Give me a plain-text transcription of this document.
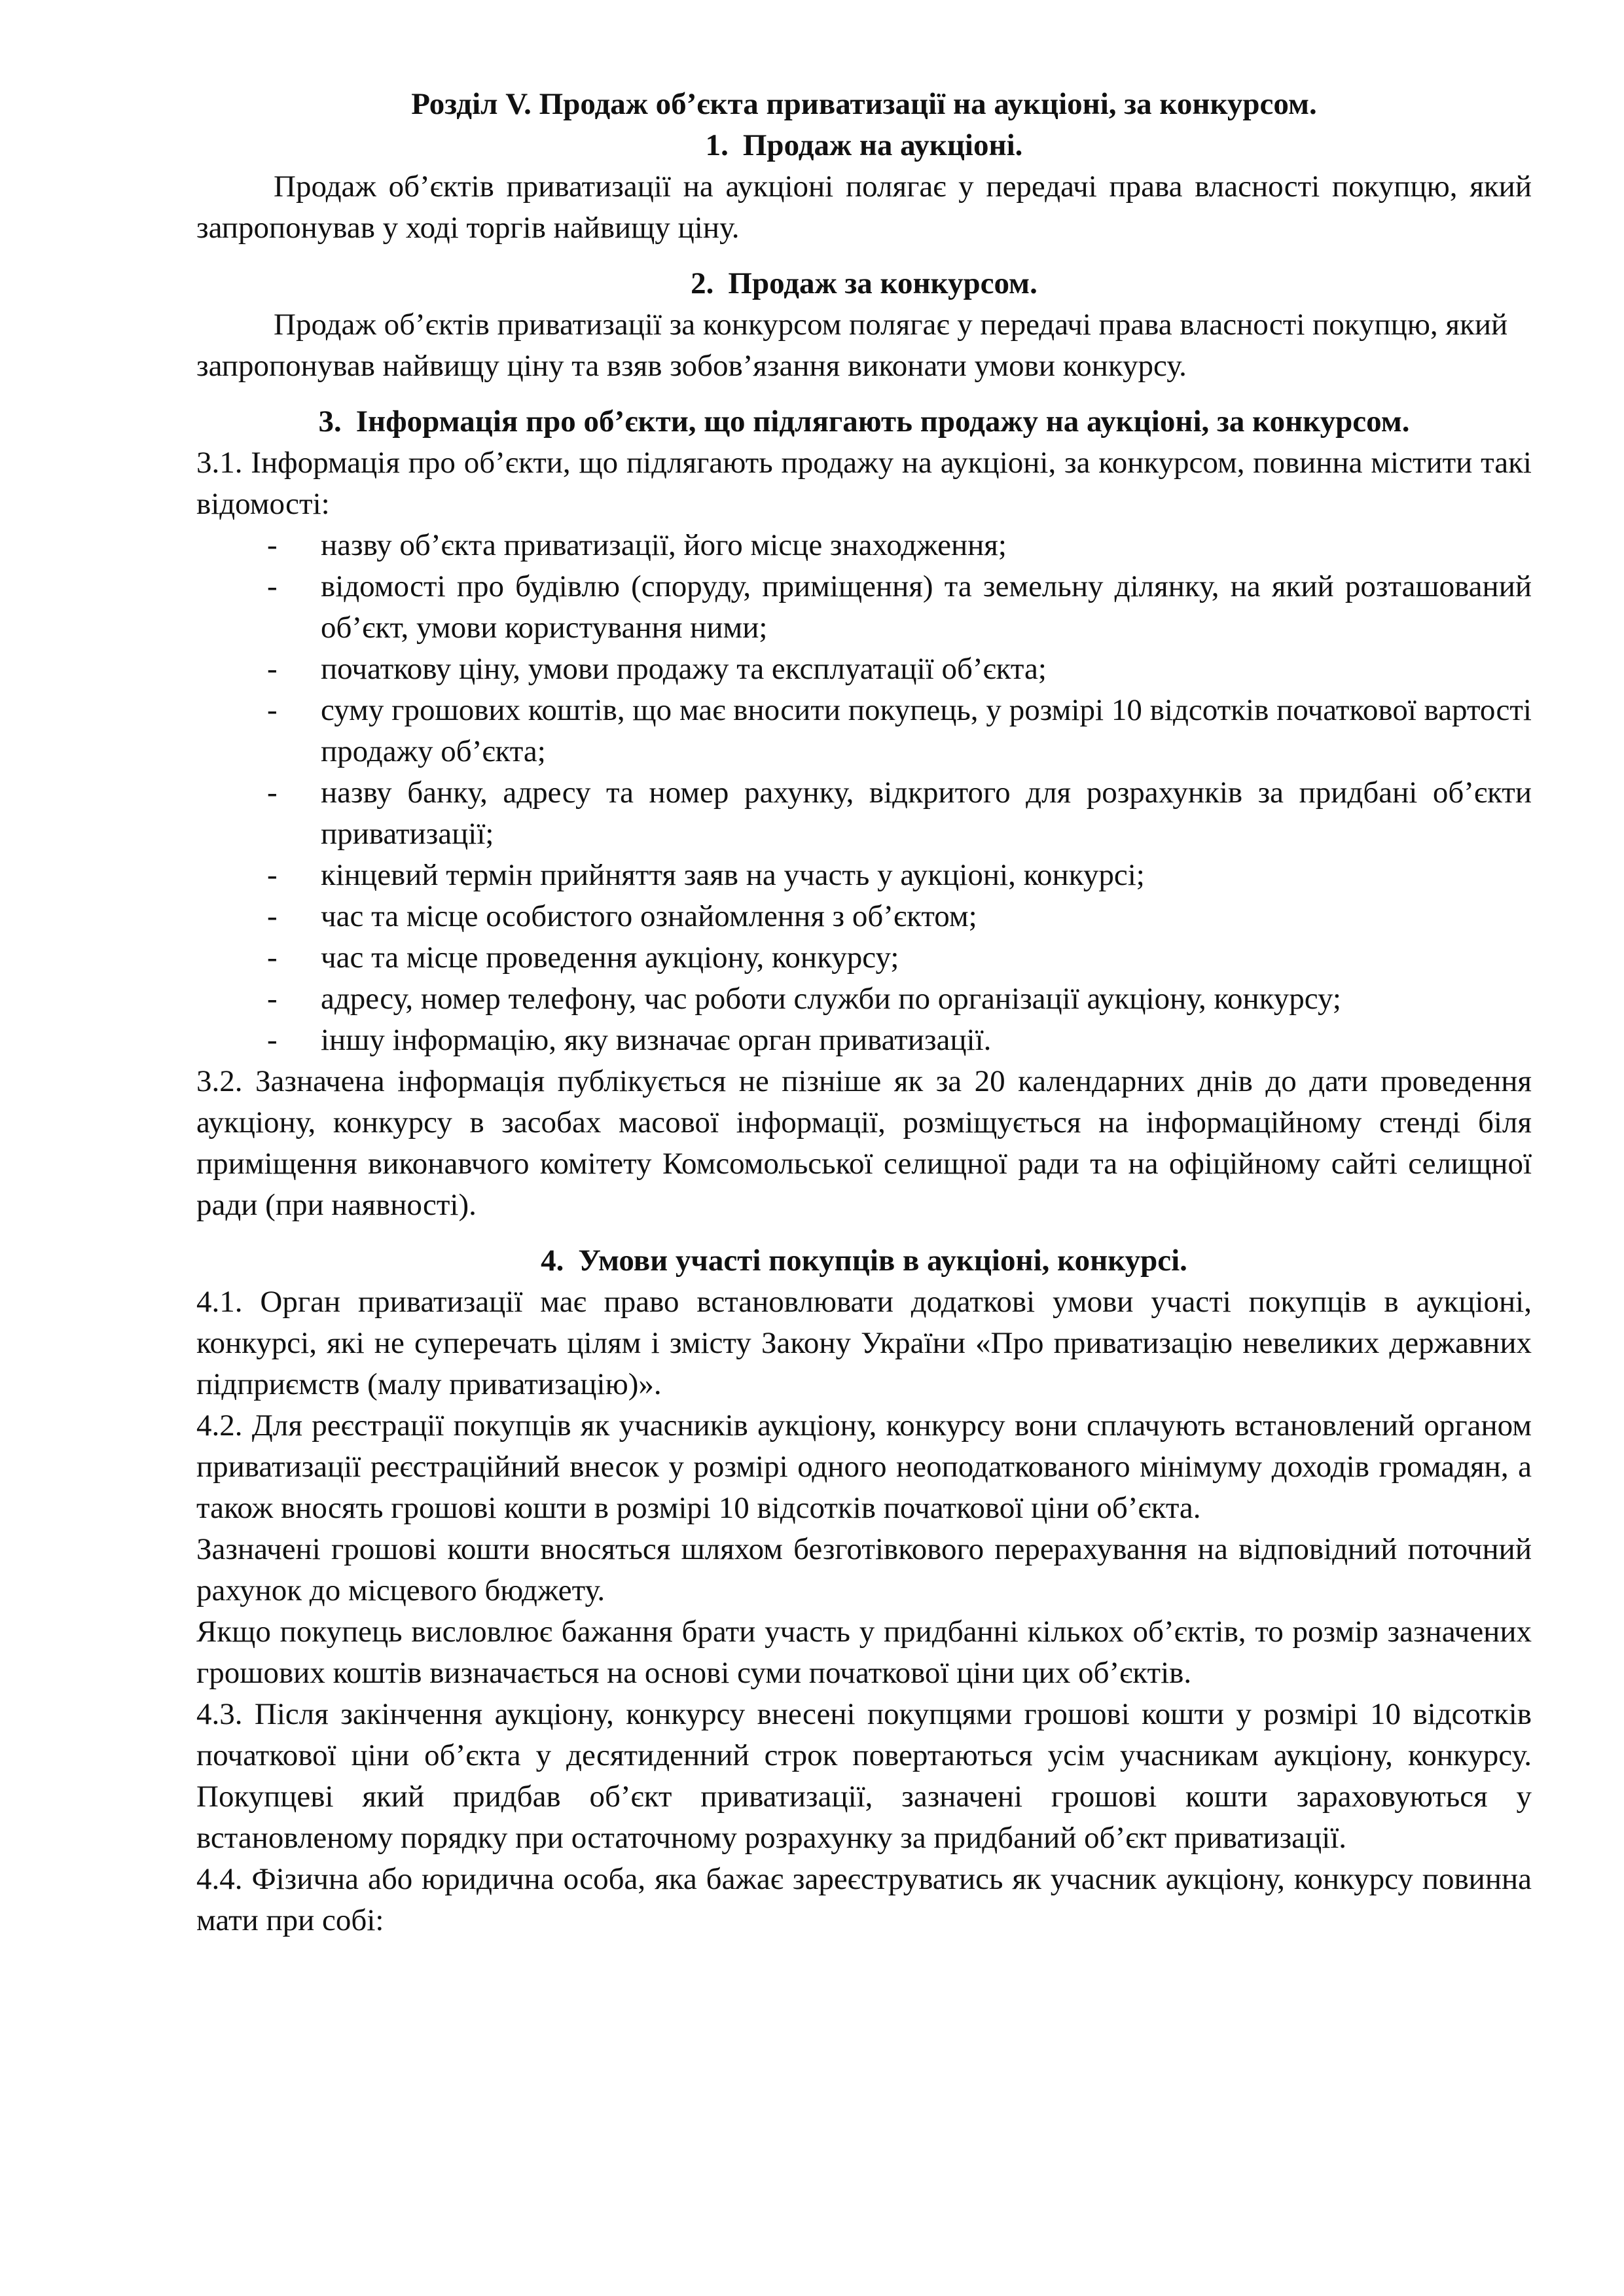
Розділ V. Продаж об’єкта приватизації на аукціоні, за конкурсом.
1. Продаж на аукціоні.

Продаж об’єктів приватизації на аукціоні полягає у передачі права власності покупцю, який запропонував у ході торгів найвищу ціну.

2. Продаж за конкурсом.

Продаж об’єктів приватизації за конкурсом полягає у передачі права власності покупцю, який запропонував найвищу ціну та взяв зобов’язання виконати умови конкурсу.

3. Інформація про об’єкти, що підлягають продажу на аукціоні, за конкурсом.

3.1. Інформація про об’єкти, що підлягають продажу на аукціоні, за конкурсом, повинна містити такі відомості:

- назву об’єкта приватизації, його місце знаходження;
- відомості про будівлю (споруду, приміщення) та земельну ділянку, на який розташований об’єкт, умови користування ними;
- початкову ціну, умови продажу та експлуатації об’єкта;
- суму грошових коштів, що має вносити покупець, у розмірі 10 відсотків початкової вартості продажу об’єкта;
- назву банку, адресу та номер рахунку, відкритого для розрахунків за придбані об’єкти приватизації;
- кінцевий термін прийняття заяв на участь у аукціоні, конкурсі;
- час та місце особистого ознайомлення з об’єктом;
- час та місце проведення аукціону, конкурсу;
- адресу, номер телефону, час роботи служби по організації аукціону, конкурсу;
- іншу інформацію, яку визначає орган приватизації.

3.2. Зазначена інформація публікується не пізніше як за 20 календарних днів до дати проведення аукціону, конкурсу в засобах масової інформації, розміщується на інформаційному стенді біля приміщення виконавчого комітету Комсомольської селищної ради та на офіційному сайті селищної ради (при наявності).

4. Умови участі покупців в аукціоні, конкурсі.

4.1. Орган приватизації має право встановлювати додаткові умови участі покупців в аукціоні, конкурсі, які не суперечать цілям і змісту Закону України «Про приватизацію невеликих державних підприємств (малу приватизацію)».

4.2. Для реєстрації покупців як учасників аукціону, конкурсу вони сплачують встановлений органом приватизації реєстраційний внесок у розмірі одного неоподаткованого мінімуму доходів громадян, а також вносять грошові кошти в розмірі 10 відсотків початкової ціни об’єкта.

Зазначені грошові кошти вносяться шляхом безготівкового перерахування на відповідний поточний рахунок до місцевого бюджету.

Якщо покупець висловлює бажання брати участь у придбанні кількох об’єктів, то розмір зазначених грошових коштів визначається на основі суми початкової ціни цих об’єктів.

4.3. Після закінчення аукціону, конкурсу внесені покупцями грошові кошти у розмірі 10 відсотків початкової ціни об’єкта у десятиденний строк повертаються усім учасникам аукціону, конкурсу. Покупцеві який придбав об’єкт приватизації, зазначені грошові кошти зараховуються у встановленому порядку при остаточному розрахунку за придбаний об’єкт приватизації.

4.4. Фізична або юридична особа, яка бажає зареєструватись як учасник аукціону, конкурсу повинна мати при собі:
